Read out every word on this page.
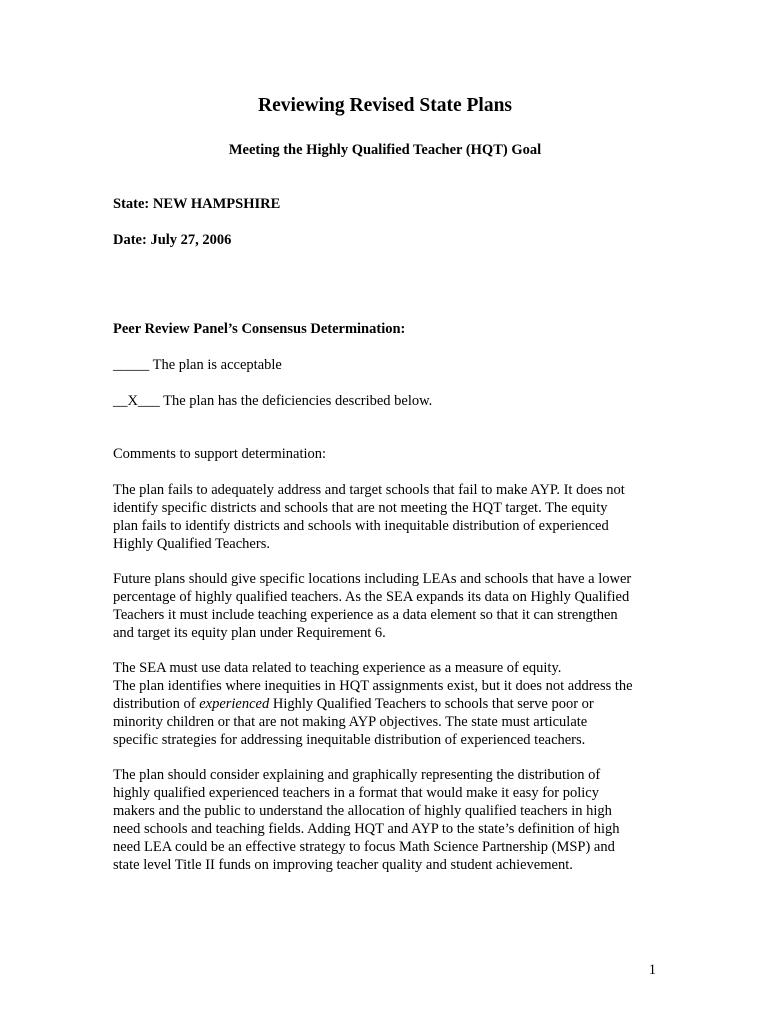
Reviewing Revised State Plans
Meeting the Highly Qualified Teacher (HQT) Goal
State: NEW HAMPSHIRE
Date: July 27, 2006
Peer Review Panel’s Consensus Determination:
_____ The plan is acceptable
__X___ The plan has the deficiencies described below.
Comments to support determination:
The plan fails to adequately address and target schools that fail to make AYP. It does not
identify specific districts and schools that are not meeting the HQT target. The equity
plan fails to identify districts and schools with inequitable distribution of experienced
Highly Qualified Teachers.
Future plans should give specific locations including LEAs and schools that have a lower
percentage of highly qualified teachers. As the SEA expands its data on Highly Qualified
Teachers it must include teaching experience as a data element so that it can strengthen
and target its equity plan under Requirement 6.
The SEA must use data related to teaching experience as a measure of equity.
The plan identifies where inequities in HQT assignments exist, but it does not address the
distribution of experienced Highly Qualified Teachers to schools that serve poor or
minority children or that are not making AYP objectives. The state must articulate
specific strategies for addressing inequitable distribution of experienced teachers.
The plan should consider explaining and graphically representing the distribution of
highly qualified experienced teachers in a format that would make it easy for policy
makers and the public to understand the allocation of highly qualified teachers in high
need schools and teaching fields. Adding HQT and AYP to the state’s definition of high
need LEA could be an effective strategy to focus Math Science Partnership (MSP) and
state level Title II funds on improving teacher quality and student achievement.
1
